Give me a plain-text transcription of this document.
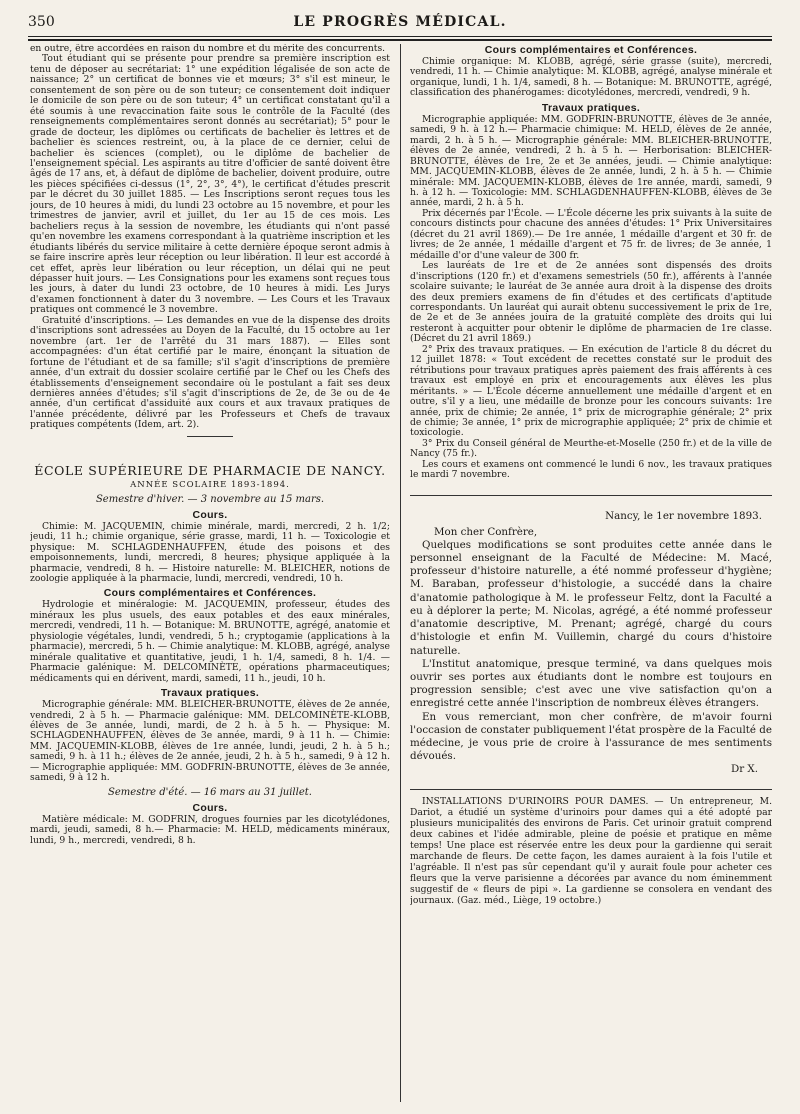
350	LE PROGRÈS MÉDICAL.

en outre, être accordées en raison du nombre et du mérite des concurrents.

Tout étudiant qui se présente pour prendre sa première inscription est tenu de déposer au secrétariat: 1° une expédition légalisée de son acte de naissance; 2° un certificat de bonnes vie et mœurs; 3° s'il est mineur, le consentement de son père ou de son tuteur; ce consentement doit indiquer le domicile de son père ou de son tuteur; 4° un certificat constatant qu'il a été soumis à une revaccination faite sous le contrôle de la Faculté (des renseignements complémentaires seront donnés au secrétariat); 5° pour le grade de docteur, les diplômes ou certificats de bachelier ès lettres et de bachelier ès sciences restreint, ou, à la place de ce dernier, celui de bachelier ès sciences (complet), ou le diplôme de bachelier de l'enseignement spécial. Les aspirants au titre d'officier de santé doivent être âgés de 17 ans, et, à défaut de diplôme de bachelier, doivent produire, outre les pièces spécifiées ci-dessus (1°, 2°, 3°, 4°), le certificat d'études prescrit par le décret du 30 juillet 1885. — Les Inscriptions seront reçues tous les jours, de 10 heures à midi, du lundi 23 octobre au 15 novembre, et pour les trimestres de janvier, avril et juillet, du 1er au 15 de ces mois. Les bacheliers reçus à la session de novembre, les étudiants qui n'ont passé qu'en novembre les examens correspondant à la quatrième inscription et les étudiants libérés du service militaire à cette dernière époque seront admis à se faire inscrire après leur réception ou leur libération. Il leur est accordé à cet effet, après leur libération ou leur réception, un délai qui ne peut dépasser huit jours. — Les Consignations pour les examens sont reçues tous les jours, à dater du lundi 23 octobre, de 10 heures à midi. Les Jurys d'examen fonctionnent à dater du 3 novembre. — Les Cours et les Travaux pratiques ont commencé le 3 novembre.

Gratuité d'inscriptions. — Les demandes en vue de la dispense des droits d'inscriptions sont adressées au Doyen de la Faculté, du 15 octobre au 1er novembre (art. 1er de l'arrêté du 31 mars 1887). — Elles sont accompagnées: d'un état certifié par le maire, énonçant la situation de fortune de l'étudiant et de sa famille; s'il s'agit d'inscriptions de première année, d'un extrait du dossier scolaire certifié par le Chef ou les Chefs des établissements d'enseignement secondaire où le postulant a fait ses deux dernières années d'études; s'il s'agit d'inscriptions de 2e, de 3e ou de 4e année, d'un certificat d'assiduité aux cours et aux travaux pratiques de l'année précédente, délivré par les Professeurs et Chefs de travaux pratiques compétents (Idem, art. 2).

ÉCOLE SUPÉRIEURE DE PHARMACIE DE NANCY.
ANNÉE SCOLAIRE 1893-1894.
Semestre d'hiver. — 3 novembre au 15 mars.
Cours.

Chimie: M. JACQUEMIN, chimie minérale, mardi, mercredi, 2 h. 1/2; jeudi, 11 h.; chimie organique, série grasse, mardi, 11 h. — Toxicologie et physique: M. SCHLAGDENHAUFFEN, étude des poisons et des empoisonnements, lundi, mercredi, 8 heures; physique appliquée à la pharmacie, vendredi, 8 h. — Histoire naturelle: M. BLEICHER, notions de zoologie appliquée à la pharmacie, lundi, mercredi, vendredi, 10 h.

Cours complémentaires et Conférences.

Hydrologie et minéralogie: M. JACQUEMIN, professeur, études des minéraux les plus usuels, des eaux potables et des eaux minérales, mercredi, vendredi, 11 h. — Botanique: M. BRUNOTTE, agrégé, anatomie et physiologie végétales, lundi, vendredi, 5 h.; cryptogamie (applications à la pharmacie), mercredi, 5 h. — Chimie analytique: M. KLOBB, agrégé, analyse minérale qualitative et quantitative, jeudi, 1 h. 1/4, samedi, 8 h. 1/4. — Pharmacie galénique: M. DELCOMINÈTE, opérations pharmaceutiques; médicaments qui en dérivent, mardi, samedi, 11 h., jeudi, 10 h.

Travaux pratiques.

Micrographie générale: MM. BLEICHER-BRUNOTTE, élèves de 2e année, vendredi, 2 à 5 h. — Pharmacie galénique: MM. DELCOMINÈTE-KLOBB, élèves de 3e année, lundi, mardi, de 2 h. à 5 h. — Physique: M. SCHLAGDENHAUFFEN, élèves de 3e année, mardi, 9 à 11 h. — Chimie: MM. JACQUEMIN-KLOBB, élèves de 1re année, lundi, jeudi, 2 h. à 5 h.; samedi, 9 h. à 11 h.; élèves de 2e année, jeudi, 2 h. à 5 h., samedi, 9 à 12 h. — Micrographie appliquée: MM. GODFRIN-BRUNOTTE, élèves de 3e année, samedi, 9 à 12 h.

Semestre d'été. — 16 mars au 31 juillet.
Cours.

Matière médicale: M. GODFRIN, drogues fournies par les dicotylédones, mardi, jeudi, samedi, 8 h.— Pharmacie: M. HELD, médicaments minéraux, lundi, 9 h., mercredi, vendredi, 8 h.

Cours complémentaires et Conférences.

Chimie organique: M. KLOBB, agrégé, série grasse (suite), mercredi, vendredi, 11 h. — Chimie analytique: M. KLOBB, agrégé, analyse minérale et organique, lundi, 1 h. 1/4, samedi, 8 h. — Botanique: M. BRUNOTTE, agrégé, classification des phanérogames: dicotylédones, mercredi, vendredi, 9 h.

Travaux pratiques.

Micrographie appliquée: MM. GODFRIN-BRUNOTTE, élèves de 3e année, samedi, 9 h. à 12 h.— Pharmacie chimique: M. HELD, élèves de 2e année, mardi, 2 h. à 5 h. — Micrographie générale: MM. BLEICHER-BRUNOTTE, élèves de 2e année, vendredi, 2 h. à 5 h. — Herborisation: BLEICHER-BRUNOTTE, élèves de 1re, 2e et 3e années, jeudi. — Chimie analytique: MM. JACQUEMIN-KLOBB, élèves de 2e année, lundi, 2 h. à 5 h. — Chimie minérale: MM. JACQUEMIN-KLOBB, élèves de 1re année, mardi, samedi, 9 h. à 12 h. — Toxicologie: MM. SCHLAGDENHAUFFEN-KLOBB, élèves de 3e année, mardi, 2 h. à 5 h.

Prix décernés par l'École. — L'École décerne les prix suivants à la suite de concours distincts pour chacune des années d'études: 1° Prix Universitaires (décret du 21 avril 1869).— De 1re année, 1 médaille d'argent et 30 fr. de livres; de 2e année, 1 médaille d'argent et 75 fr. de livres; de 3e année, 1 médaille d'or d'une valeur de 300 fr.

Les lauréats de 1re et de 2e années sont dispensés des droits d'inscriptions (120 fr.) et d'examens semestriels (50 fr.), afférents à l'année scolaire suivante; le lauréat de 3e année aura droit à la dispense des droits des deux premiers examens de fin d'études et des certificats d'aptitude correspondants. Un lauréat qui aurait obtenu successivement le prix de 1re, de 2e et de 3e années jouira de la gratuité complète des droits qui lui resteront à acquitter pour obtenir le diplôme de pharmacien de 1re classe. (Décret du 21 avril 1869.)

2° Prix des travaux pratiques. — En exécution de l'article 8 du décret du 12 juillet 1878: « Tout excédent de recettes constaté sur le produit des rétributions pour travaux pratiques après paiement des frais afférents à ces travaux est employé en prix et encouragements aux élèves les plus méritants. » — L'École décerne annuellement une médaille d'argent et en outre, s'il y a lieu, une médaille de bronze pour les concours suivants: 1re année, prix de chimie; 2e année, 1° prix de micrographie générale; 2° prix de chimie; 3e année, 1° prix de micrographie appliquée; 2° prix de chimie et toxicologie.

3° Prix du Conseil général de Meurthe-et-Moselle (250 fr.) et de la ville de Nancy (75 fr.).

Les cours et examens ont commencé le lundi 6 nov., les travaux pratiques le mardi 7 novembre.

Nancy, le 1er novembre 1893.

Mon cher Confrère,

Quelques modifications se sont produites cette année dans le personnel enseignant de la Faculté de Médecine: M. Macé, professeur d'histoire naturelle, a été nommé professeur d'hygiène; M. Baraban, professeur d'histologie, a succédé dans la chaire d'anatomie pathologique à M. le professeur Feltz, dont la Faculté a eu à déplorer la perte; M. Nicolas, agrégé, a été nommé professeur d'anatomie descriptive, M. Prenant; agrégé, chargé du cours d'histologie et enfin M. Vuillemin, chargé du cours d'histoire naturelle.

L'Institut anatomique, presque terminé, va dans quelques mois ouvrir ses portes aux étudiants dont le nombre est toujours en progression sensible; c'est avec une vive satisfaction qu'on a enregistré cette année l'inscription de nombreux élèves étrangers.

En vous remerciant, mon cher confrère, de m'avoir fourni l'occasion de constater publiquement l'état prospère de la Faculté de médecine, je vous prie de croire à l'assurance de mes sentiments dévoués.

Dr X.

INSTALLATIONS D'URINOIRS POUR DAMES. — Un entrepreneur, M. Dariot, a étudié un système d'urinoirs pour dames qui a été adopté par plusieurs municipalités des environs de Paris. Cet urinoir gratuit comprend deux cabines et l'idée admirable, pleine de poésie et pratique en même temps! Une place est réservée entre les deux pour la gardienne qui serait marchande de fleurs. De cette façon, les dames auraient à la fois l'utile et l'agréable. Il n'est pas sûr cependant qu'il y aurait foule pour acheter ces fleurs que la verve parisienne a décorées par avance du nom éminemment suggestif de « fleurs de pipi ». La gardienne se consolera en vendant des journaux. (Gaz. méd., Liège, 19 octobre.)
